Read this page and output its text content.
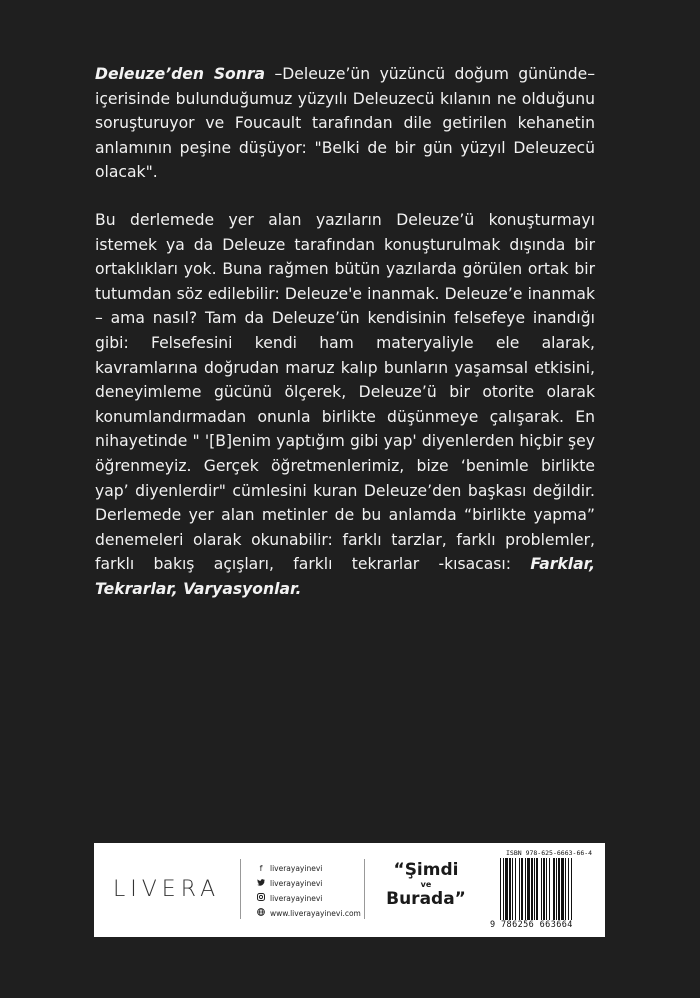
Deleuze’den Sonra –Deleuze’ün yüzüncü doğum gününde– içerisinde bulunduğumuz yüzyılı Deleuzecü kılanın ne olduğunu soruşturuyor ve Foucault tarafından dile getirilen kehanetin anlamının peşine düşüyor: "Belki de bir gün yüzyıl Deleuzecü olacak".
Bu derlemede yer alan yazıların Deleuze’ü konuşturmayı istemek ya da Deleuze tarafından konuşturulmak dışında bir ortaklıkları yok. Buna rağmen bütün yazılarda görülen ortak bir tutumdan söz edilebilir: Deleuze'e inanmak. Deleuze’e inanmak – ama nasıl? Tam da Deleuze’ün kendisinin felsefeye inandığı gibi: Felsefesini kendi ham materyaliyle ele alarak, kavramlarına doğrudan maruz kalıp bunların yaşamsal etkisini, deneyimleme gücünü ölçerek, Deleuze’ü bir otorite olarak konumlandırmadan onunla birlikte düşünmeye çalışarak. En nihayetinde " '[B]enim yaptığım gibi yap' diyenlerden hiçbir şey öğrenmeyiz. Gerçek öğretmenlerimiz, bize ‘benimle birlikte yap’ diyenlerdir" cümlesini kuran Deleuze’den başkası değildir. Derlemede yer alan metinler de bu anlamda “birlikte yapma” denemeleri olarak okunabilir: farklı tarzlar, farklı problemler, farklı bakış açışları, farklı tekrarlar -kısacası: Farklar, Tekrarlar, Varyasyonlar.
LIVERA
f	liverayayinevi
liverayayinevi
liverayayinevi
www.liverayayinevi.com
“Şimdi
ve
Burada”
ISBN 978-625-6663-66-4
9 786256 663664
